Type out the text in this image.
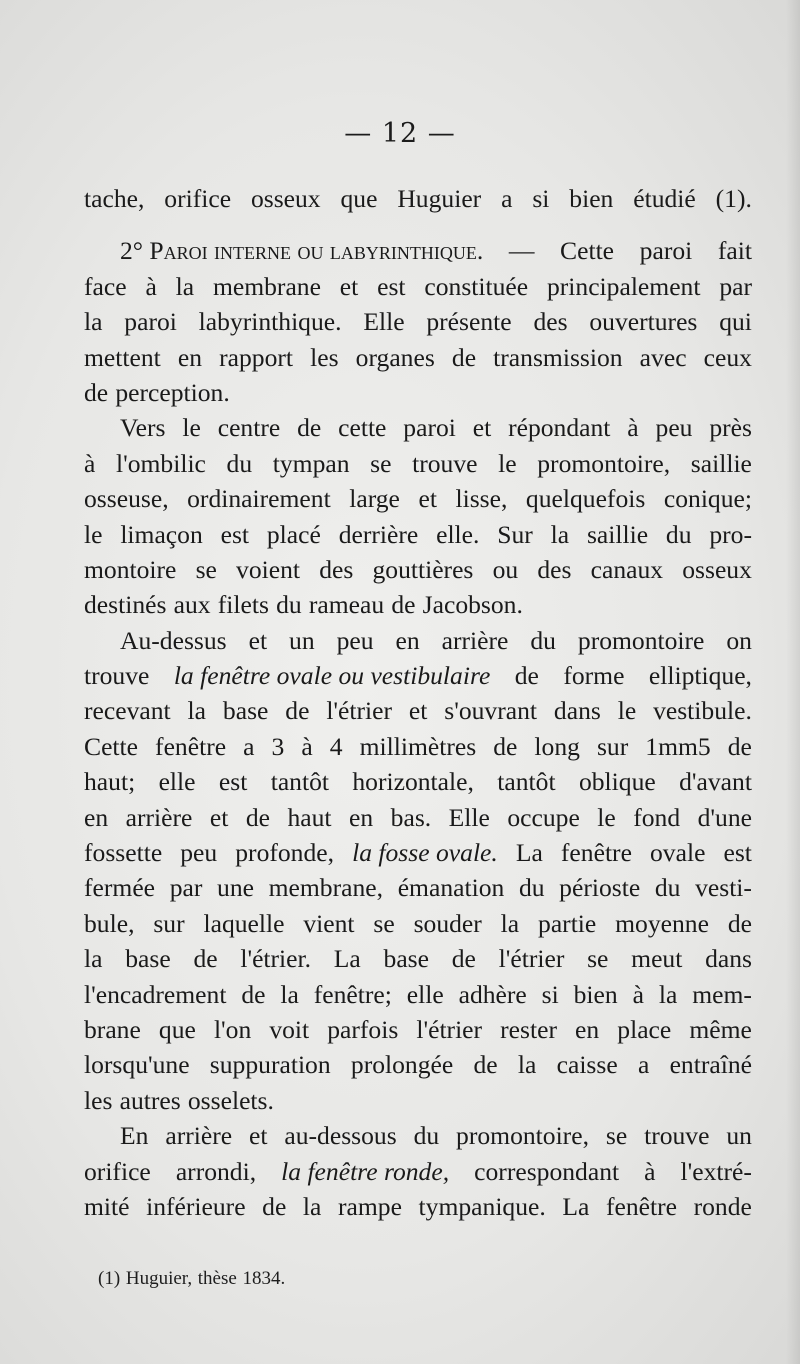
— 12 —
tache, orifice osseux que Huguier a si bien étudié (1).
2° Paroi interne ou labyrinthique. — Cette paroi fait
face à la membrane et est constituée principalement par
la paroi labyrinthique. Elle présente des ouvertures qui
mettent en rapport les organes de transmission avec ceux
de perception.
Vers le centre de cette paroi et répondant à peu près
à l'ombilic du tympan se trouve le promontoire, saillie
osseuse, ordinairement large et lisse, quelquefois conique;
le limaçon est placé derrière elle. Sur la saillie du pro-
montoire se voient des gouttières ou des canaux osseux
destinés aux filets du rameau de Jacobson.
Au-dessus et un peu en arrière du promontoire on
trouve la fenêtre ovale ou vestibulaire de forme elliptique,
recevant la base de l'étrier et s'ouvrant dans le vestibule.
Cette fenêtre a 3 à 4 millimètres de long sur 1mm5 de
haut; elle est tantôt horizontale, tantôt oblique d'avant
en arrière et de haut en bas. Elle occupe le fond d'une
fossette peu profonde, la fosse ovale. La fenêtre ovale est
fermée par une membrane, émanation du périoste du vesti-
bule, sur laquelle vient se souder la partie moyenne de
la base de l'étrier. La base de l'étrier se meut dans
l'encadrement de la fenêtre; elle adhère si bien à la mem-
brane que l'on voit parfois l'étrier rester en place même
lorsqu'une suppuration prolongée de la caisse a entraîné
les autres osselets.
En arrière et au-dessous du promontoire, se trouve un
orifice arrondi, la fenêtre ronde, correspondant à l'extré-
mité inférieure de la rampe tympanique. La fenêtre ronde
(1) Huguier, thèse 1834.
